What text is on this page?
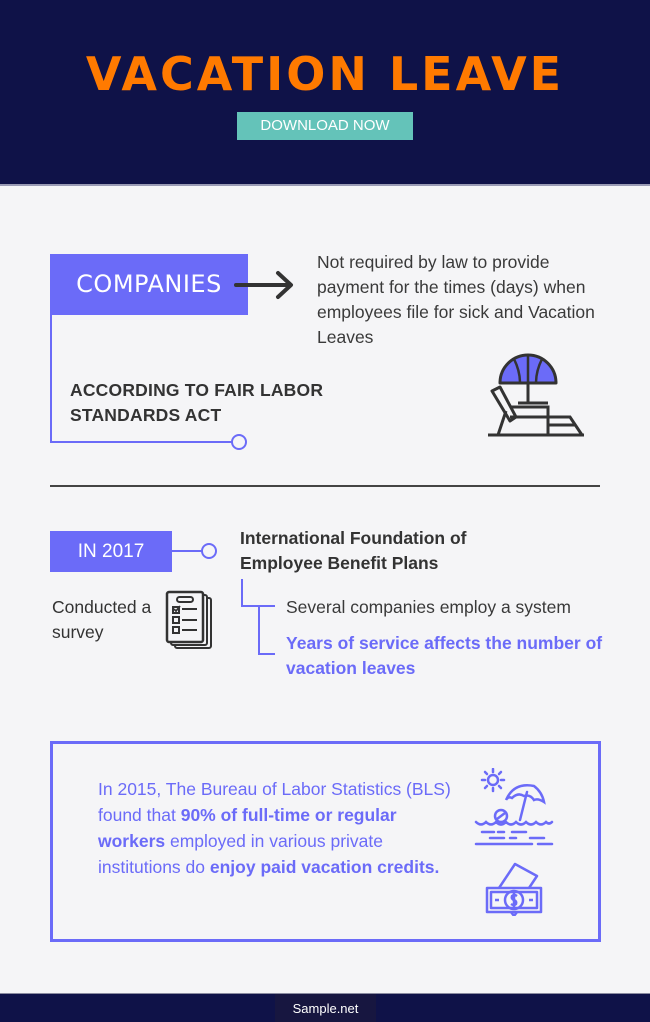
VACATION LEAVE
DOWNLOAD NOW
COMPANIES
Not required by law to provide payment for the times (days) when employees file for sick and Vacation Leaves
ACCORDING TO FAIR LABOR
STANDARDS ACT
IN 2017
International Foundation of Employee Benefit Plans
Conducted a survey
Several companies employ a system
Years of service affects the number of vacation leaves
In 2015, The Bureau of Labor Statistics (BLS) found that 90% of full-time or regular workers employed in various private institutions do enjoy paid vacation credits.
Sample.net
